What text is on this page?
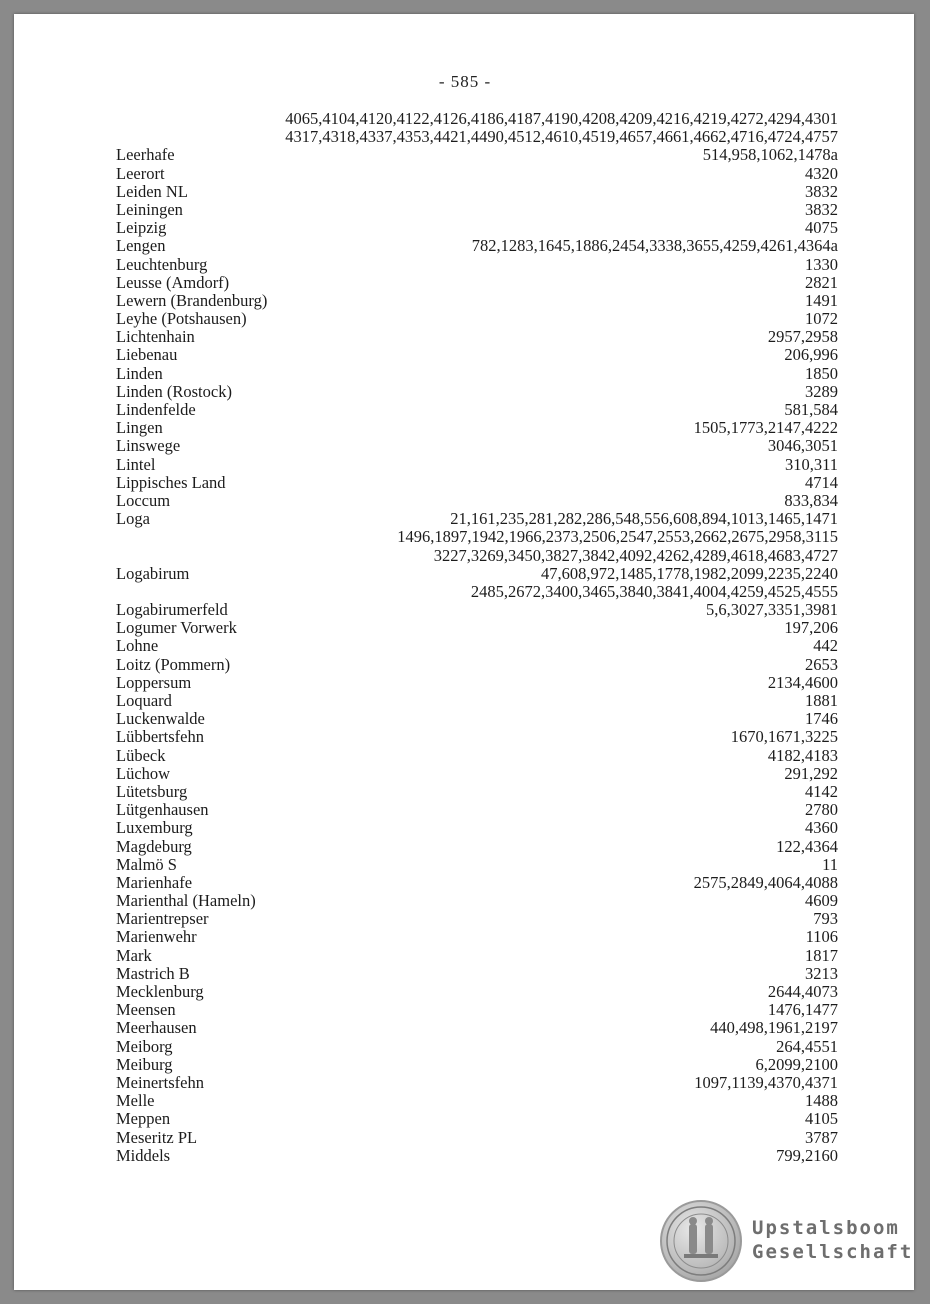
- 585 -
4065,4104,4120,4122,4126,4186,4187,4190,4208,4209,4216,4219,4272,4294,4301
4317,4318,4337,4353,4421,4490,4512,4610,4519,4657,4661,4662,4716,4724,4757
Leerhafe	514,958,1062,1478a
Leerort	4320
Leiden NL	3832
Leiningen	3832
Leipzig	4075
Lengen	782,1283,1645,1886,2454,3338,3655,4259,4261,4364a
Leuchtenburg	1330
Leusse (Amdorf)	2821
Lewern (Brandenburg)	1491
Leyhe (Potshausen)	1072
Lichtenhain	2957,2958
Liebenau	206,996
Linden	1850
Linden (Rostock)	3289
Lindenfelde	581,584
Lingen	1505,1773,2147,4222
Linswege	3046,3051
Lintel	310,311
Lippisches Land	4714
Loccum	833,834
Loga	21,161,235,281,282,286,548,556,608,894,1013,1465,1471
1496,1897,1942,1966,2373,2506,2547,2553,2662,2675,2958,3115
3227,3269,3450,3827,3842,4092,4262,4289,4618,4683,4727
Logabirum	47,608,972,1485,1778,1982,2099,2235,2240
2485,2672,3400,3465,3840,3841,4004,4259,4525,4555
Logabirumerfeld	5,6,3027,3351,3981
Logumer Vorwerk	197,206
Lohne	442
Loitz (Pommern)	2653
Loppersum	2134,4600
Loquard	1881
Luckenwalde	1746
Lübbertsfehn	1670,1671,3225
Lübeck	4182,4183
Lüchow	291,292
Lütetsburg	4142
Lütgenhausen	2780
Luxemburg	4360
Magdeburg	122,4364
Malmö S	11
Marienhafe	2575,2849,4064,4088
Marienthal (Hameln)	4609
Marientrepser	793
Marienwehr	1106
Mark	1817
Mastrich B	3213
Mecklenburg	2644,4073
Meensen	1476,1477
Meerhausen	440,498,1961,2197
Meiborg	264,4551
Meiburg	6,2099,2100
Meinertsfehn	1097,1139,4370,4371
Melle	1488
Meppen	4105
Meseritz PL	3787
Middels	799,2160
Upstalsboom
Gesellschaft
